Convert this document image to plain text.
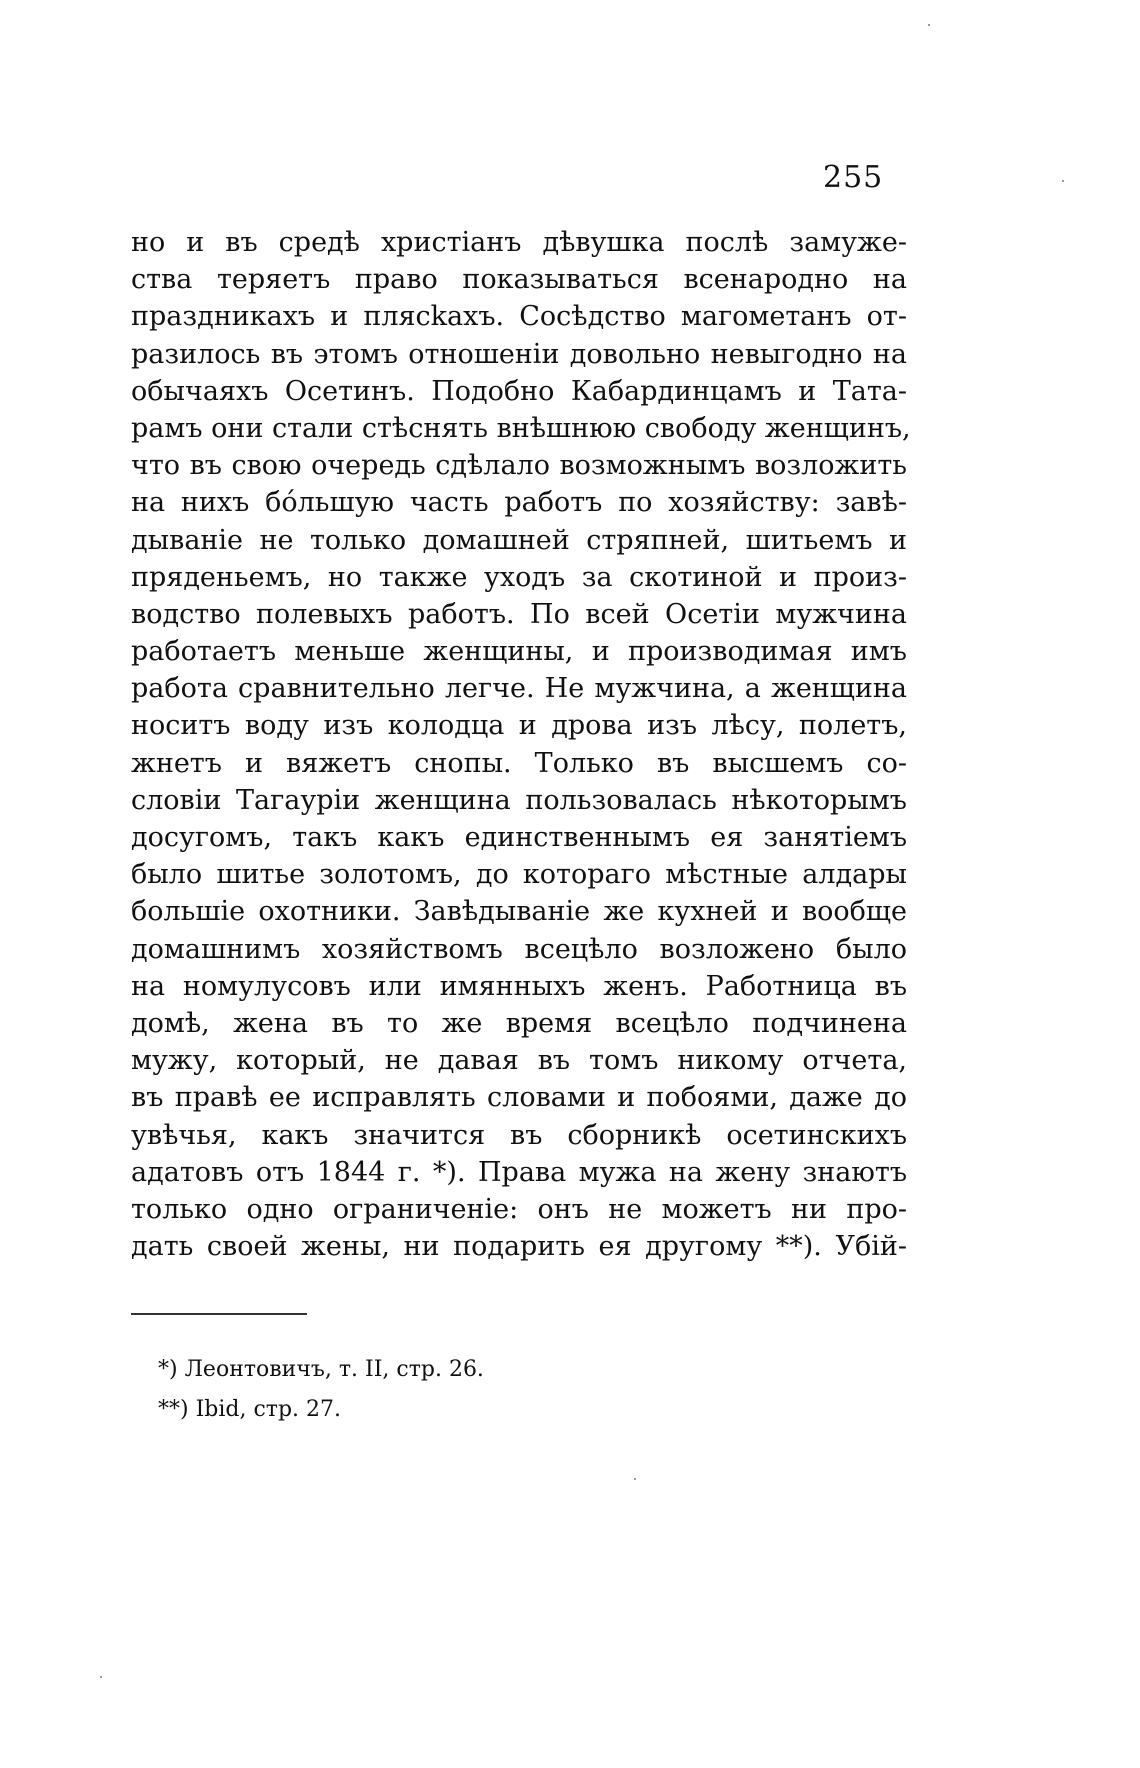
255
но и въ средѣ христіанъ дѣвушка послѣ замуже-
ства теряетъ право показываться всенародно на
праздникахъ и плясkахъ. Сосѣдство магометанъ от-
разилось въ этомъ отношеніи довольно невыгодно на
обычаяхъ Осетинъ. Подобно Кабардинцамъ и Тата-
рамъ они стали стѣснять внѣшнюю свободу женщинъ,
что въ свою очередь сдѣлало возможнымъ возложить
на нихъ бóльшую часть работъ по хозяйству: завѣ-
дываніе не только домашней стряпней, шитьемъ и
пряденьемъ, но также уходъ за скотиной и произ-
водство полевыхъ работъ. По всей Осетіи мужчина
работаетъ меньше женщины, и производимая имъ
работа сравнительно легче. Не мужчина, а женщина
носитъ воду изъ колодца и дрова изъ лѣсу, полетъ,
жнетъ и вяжетъ снопы. Только въ высшемъ со-
словіи Тагауріи женщина пользовалась нѣкоторымъ
досугомъ, такъ какъ единственнымъ ея занятіемъ
было шитье золотомъ, до котораго мѣстные алдары
большіе охотники. Завѣдываніе же кухней и вообще
домашнимъ хозяйствомъ всецѣло возложено было
на номулусовъ или имянныхъ женъ. Работница въ
домѣ, жена въ то же время всецѣло подчинена
мужу, который, не давая въ томъ никому отчета,
въ правѣ ее исправлять словами и побоями, даже до
увѣчья, какъ значится въ сборникѣ осетинскихъ
адатовъ отъ 1844 г. *). Права мужа на жену знаютъ
только одно ограниченіе: онъ не можетъ ни про-
дать своей жены, ни подарить ея другому **). Убій-
*) Леонтовичъ, т. II, стр. 26.
**) Ibid, стр. 27.
